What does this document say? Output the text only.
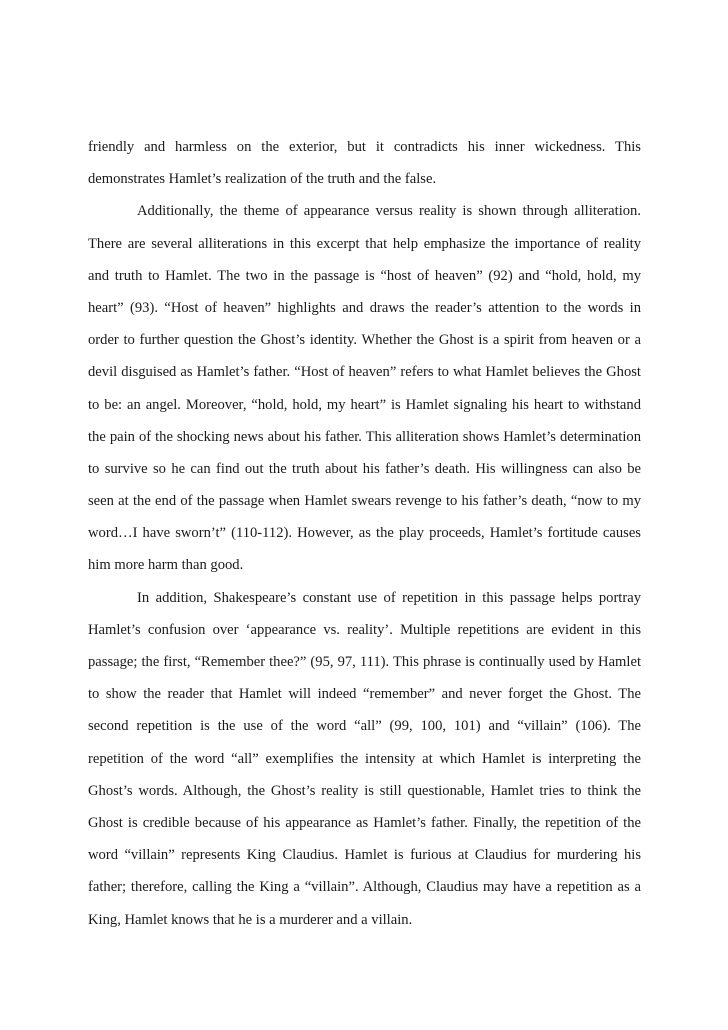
friendly and harmless on the exterior, but it contradicts his inner wickedness. This
demonstrates Hamlet’s realization of the truth and the false.
Additionally, the theme of appearance versus reality is shown through alliteration.
There are several alliterations in this excerpt that help emphasize the importance of reality
and truth to Hamlet. The two in the passage is “host of heaven” (92) and “hold, hold, my
heart” (93). “Host of heaven” highlights and draws the reader’s attention to the words in
order to further question the Ghost’s identity. Whether the Ghost is a spirit from heaven or a
devil disguised as Hamlet’s father. “Host of heaven” refers to what Hamlet believes the Ghost
to be: an angel. Moreover, “hold, hold, my heart” is Hamlet signaling his heart to withstand
the pain of the shocking news about his father. This alliteration shows Hamlet’s determination
to survive so he can find out the truth about his father’s death. His willingness can also be
seen at the end of the passage when Hamlet swears revenge to his father’s death, “now to my
word…I have sworn’t” (110-112). However, as the play proceeds, Hamlet’s fortitude causes
him more harm than good.
In addition, Shakespeare’s constant use of repetition in this passage helps portray
Hamlet’s confusion over ‘appearance vs. reality’. Multiple repetitions are evident in this
passage; the first, “Remember thee?” (95, 97, 111). This phrase is continually used by Hamlet
to show the reader that Hamlet will indeed “remember” and never forget the Ghost. The
second repetition is the use of the word “all” (99, 100, 101) and “villain” (106). The
repetition of the word “all” exemplifies the intensity at which Hamlet is interpreting the
Ghost’s words. Although, the Ghost’s reality is still questionable, Hamlet tries to think the
Ghost is credible because of his appearance as Hamlet’s father. Finally, the repetition of the
word “villain” represents King Claudius. Hamlet is furious at Claudius for murdering his
father; therefore, calling the King a “villain”. Although, Claudius may have a repetition as a
King, Hamlet knows that he is a murderer and a villain.
